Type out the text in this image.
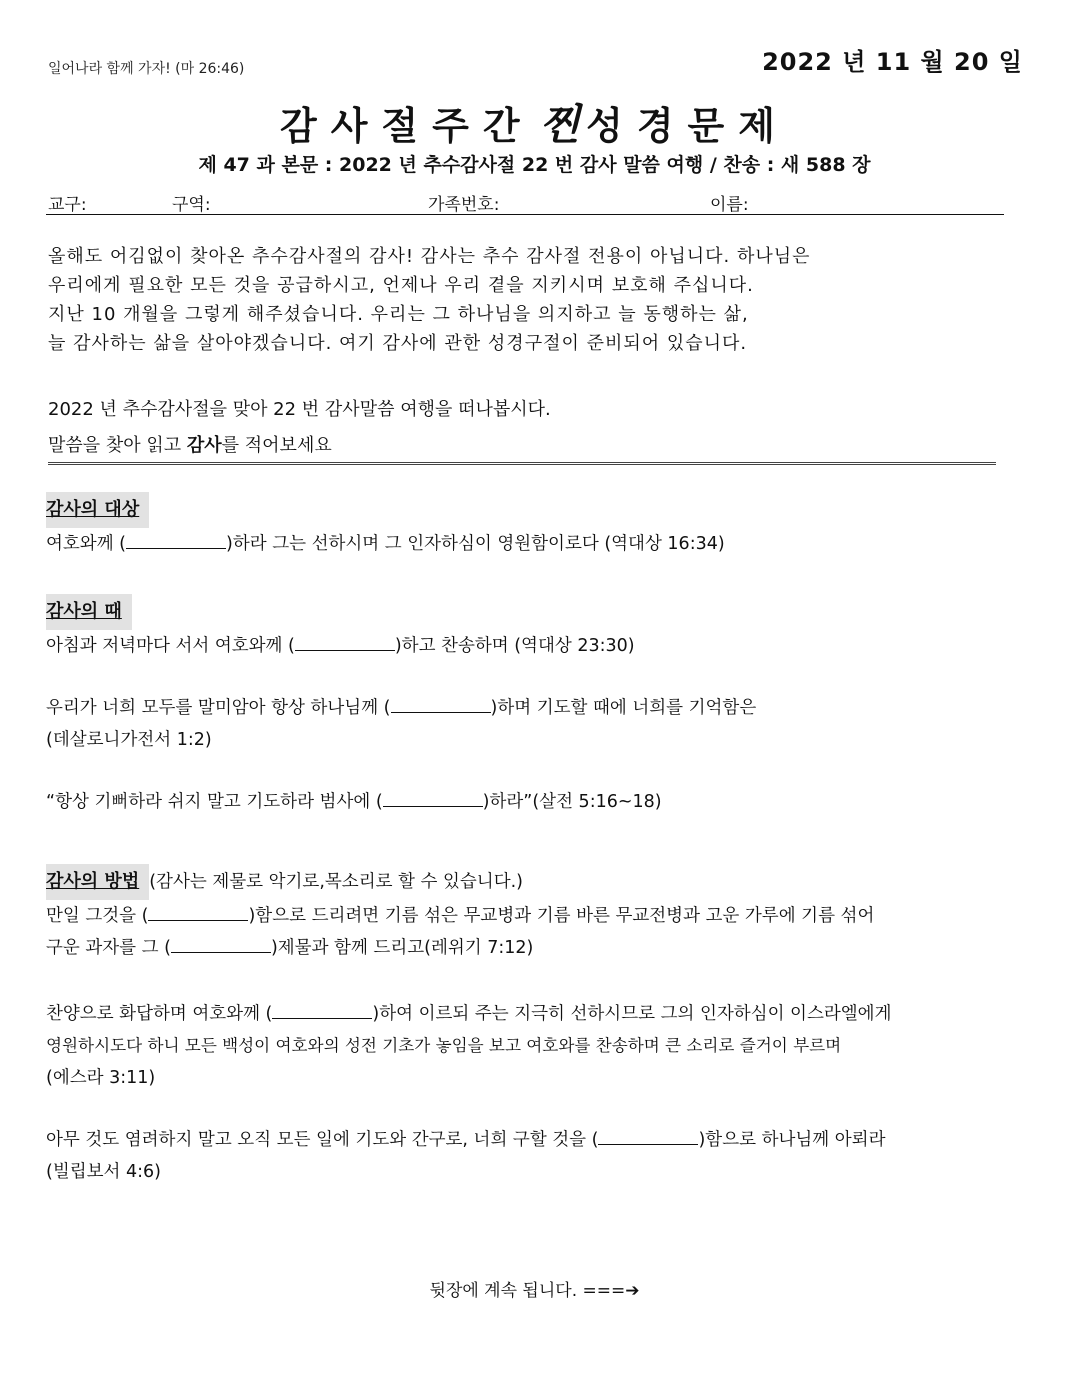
일어나라 함께 가자! (마 26:46)	2022 년 11 월 20 일
감사절주간 찐 성경문제
제 47 과 본문 : 2022 년 추수감사절 22 번 감사 말씀 여행 / 찬송 : 새 588 장
교구:	구역:	가족번호:	이름:

올해도 어김없이 찾아온 추수감사절의 감사! 감사는 추수 감사절 전용이 아닙니다. 하나님은

우리에게 필요한 모든 것을 공급하시고, 언제나 우리 곁을 지키시며 보호해 주십니다.

지난 10 개월을 그렇게 해주셨습니다. 우리는 그 하나님을 의지하고 늘 동행하는 삶,

늘 감사하는 삶을 살아야겠습니다. 여기 감사에 관한 성경구절이 준비되어 있습니다.

2022 년 추수감사절을 맞아 22 번 감사말씀 여행을 떠나봅시다.

말씀을 찾아 읽고 감사를 적어보세요

감사의 대상

여호와께 (	)하라 그는 선하시며 그 인자하심이 영원함이로다 (역대상 16:34)

감사의 때

아침과 저녁마다 서서 여호와께 (	)하고 찬송하며 (역대상 23:30)

우리가 너희 모두를 말미암아 항상 하나님께 (	)하며 기도할 때에 너희를 기억함은

(데살로니가전서 1:2)

“항상 기뻐하라 쉬지 말고 기도하라 범사에 (	)하라”(살전 5:16~18)

감사의 방법 (감사는 제물로 악기로,목소리로 할 수 있습니다.)

만일 그것을 (	)함으로 드리려면 기름 섞은 무교병과 기름 바른 무교전병과 고운 가루에 기름 섞어

구운 과자를 그 (	)제물과 함께 드리고(레위기 7:12)

찬양으로 화답하며 여호와께 (	)하여 이르되 주는 지극히 선하시므로 그의 인자하심이 이스라엘에게

영원하시도다 하니 모든 백성이 여호와의 성전 기초가 놓임을 보고 여호와를 찬송하며 큰 소리로 즐거이 부르며

(에스라 3:11)

아무 것도 염려하지 말고 오직 모든 일에 기도와 간구로, 너희 구할 것을 (	)함으로 하나님께 아뢰라

(빌립보서 4:6)

뒷장에 계속 됩니다. ===➔
